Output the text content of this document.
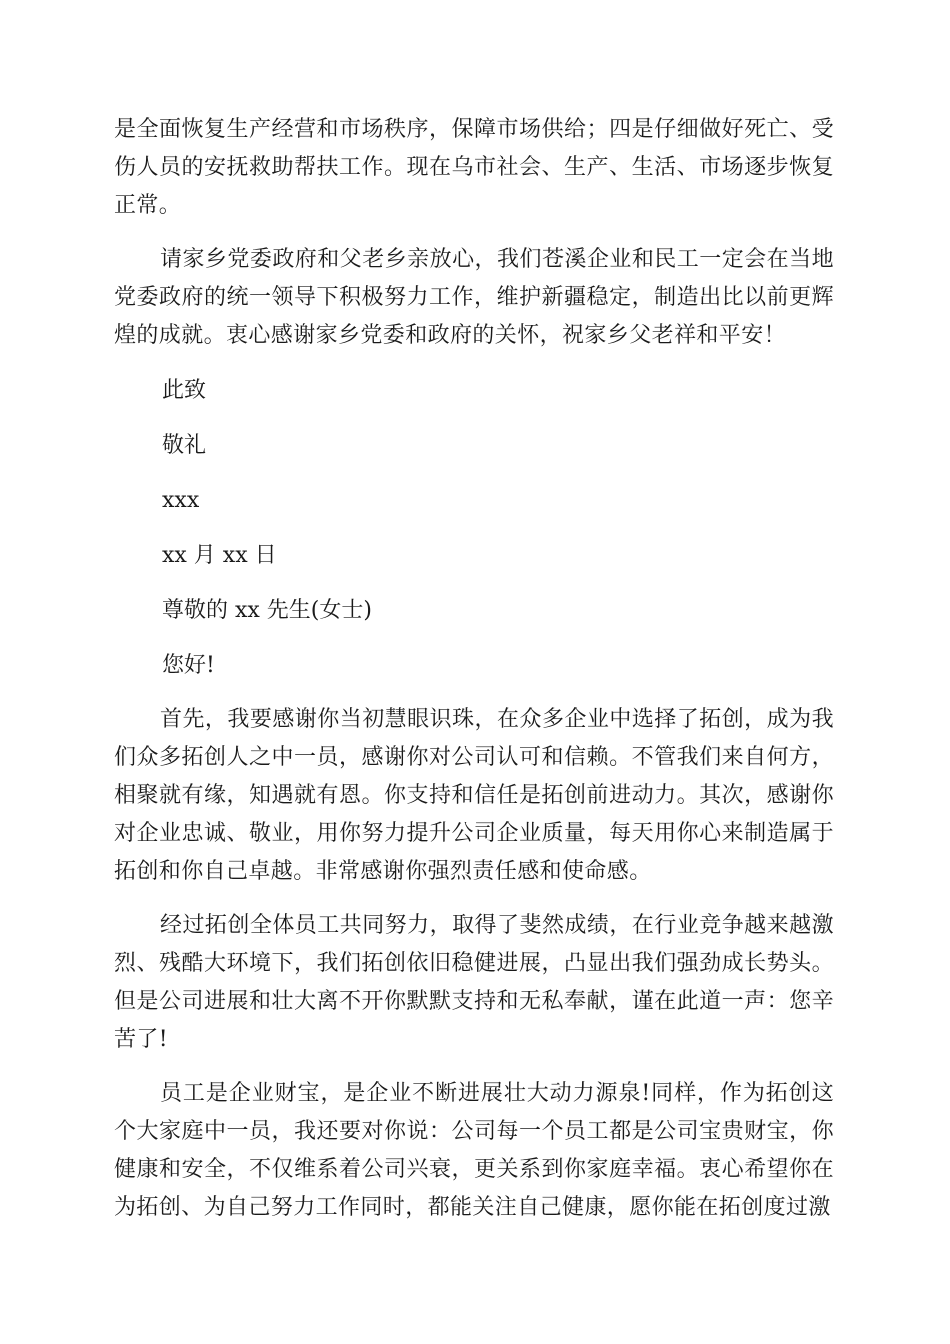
是全面恢复生产经营和市场秩序，保障市场供给；四是仔细做好死亡、受伤人员的安抚救助帮扶工作。现在乌市社会、生产、生活、市场逐步恢复正常。

请家乡党委政府和父老乡亲放心，我们苍溪企业和民工一定会在当地党委政府的统一领导下积极努力工作，维护新疆稳定，制造出比以前更辉煌的成就。衷心感谢家乡党委和政府的关怀，祝家乡父老祥和平安！

此致

敬礼

xxx

xx 月 xx 日

尊敬的 xx 先生(女士)

您好!

首先，我要感谢你当初慧眼识珠，在众多企业中选择了拓创，成为我们众多拓创人之中一员，感谢你对公司认可和信赖。不管我们来自何方，相聚就有缘，知遇就有恩。你支持和信任是拓创前进动力。其次，感谢你对企业忠诚、敬业，用你努力提升公司企业质量，每天用你心来制造属于拓创和你自己卓越。非常感谢你强烈责任感和使命感。

经过拓创全体员工共同努力，取得了斐然成绩，在行业竞争越来越激烈、残酷大环境下，我们拓创依旧稳健进展，凸显出我们强劲成长势头。但是公司进展和壮大离不开你默默支持和无私奉献，谨在此道一声：您辛苦了!

员工是企业财宝，是企业不断进展壮大动力源泉!同样，作为拓创这个大家庭中一员，我还要对你说：公司每一个员工都是公司宝贵财宝，你健康和安全，不仅维系着公司兴衰，更关系到你家庭幸福。衷心希望你在为拓创、为自己努力工作同时，都能关注自己健康，愿你能在拓创度过激
